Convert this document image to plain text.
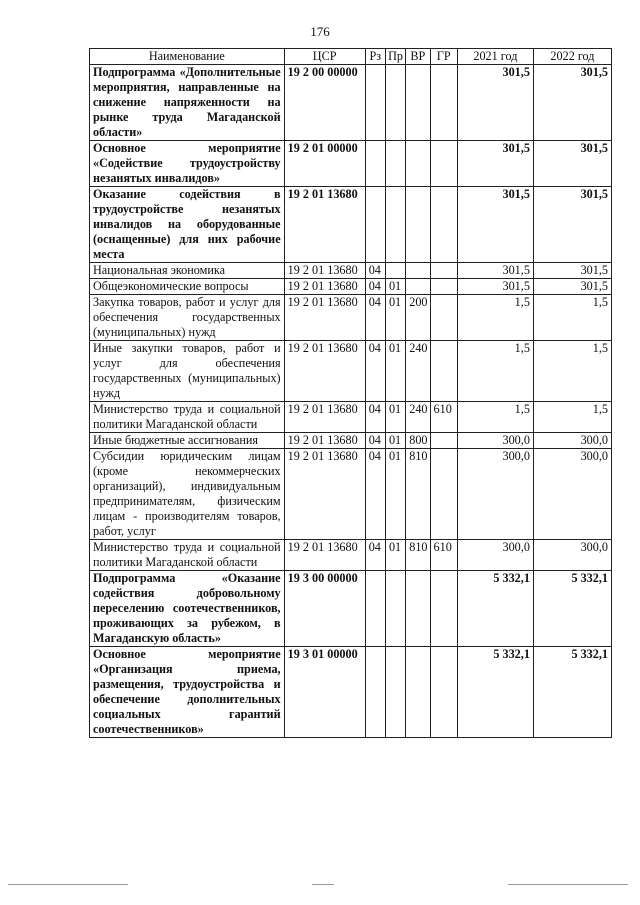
176
Наименование	ЦСР	Рз	Пр	ВР	ГР	2021 год	2022 год
Подпрограмма «Дополнительные мероприятия, направленные на снижение напряженности на рынке труда Магаданской области»	19 2 00 00000					301,5	301,5
Основное мероприятие «Содействие трудоустройству незанятых инвалидов»	19 2 01 00000					301,5	301,5
Оказание содействия в трудоустройстве незанятых инвалидов на оборудованные (оснащенные) для них рабочие места	19 2 01 13680					301,5	301,5
Национальная экономика	19 2 01 13680	04				301,5	301,5
Общеэкономические вопросы	19 2 01 13680	04	01			301,5	301,5
Закупка товаров, работ и услуг для обеспечения государственных (муниципальных) нужд	19 2 01 13680	04	01	200		1,5	1,5
Иные закупки товаров, работ и услуг для обеспечения государственных (муниципальных) нужд	19 2 01 13680	04	01	240		1,5	1,5
Министерство труда и социальной политики Магаданской области	19 2 01 13680	04	01	240	610	1,5	1,5
Иные бюджетные ассигнования	19 2 01 13680	04	01	800		300,0	300,0
Субсидии юридическим лицам (кроме некоммерческих организаций), индивидуальным предпринимателям, физическим лицам - производителям товаров, работ, услуг	19 2 01 13680	04	01	810		300,0	300,0
Министерство труда и социальной политики Магаданской области	19 2 01 13680	04	01	810	610	300,0	300,0
Подпрограмма «Оказание содействия добровольному переселению соотечественников, проживающих за рубежом, в Магаданскую область»	19 3 00 00000					5 332,1	5 332,1
Основное мероприятие «Организация приема, размещения, трудоустройства и обеспечение дополнительных социальных гарантий соотечественников»	19 3 01 00000					5 332,1	5 332,1
